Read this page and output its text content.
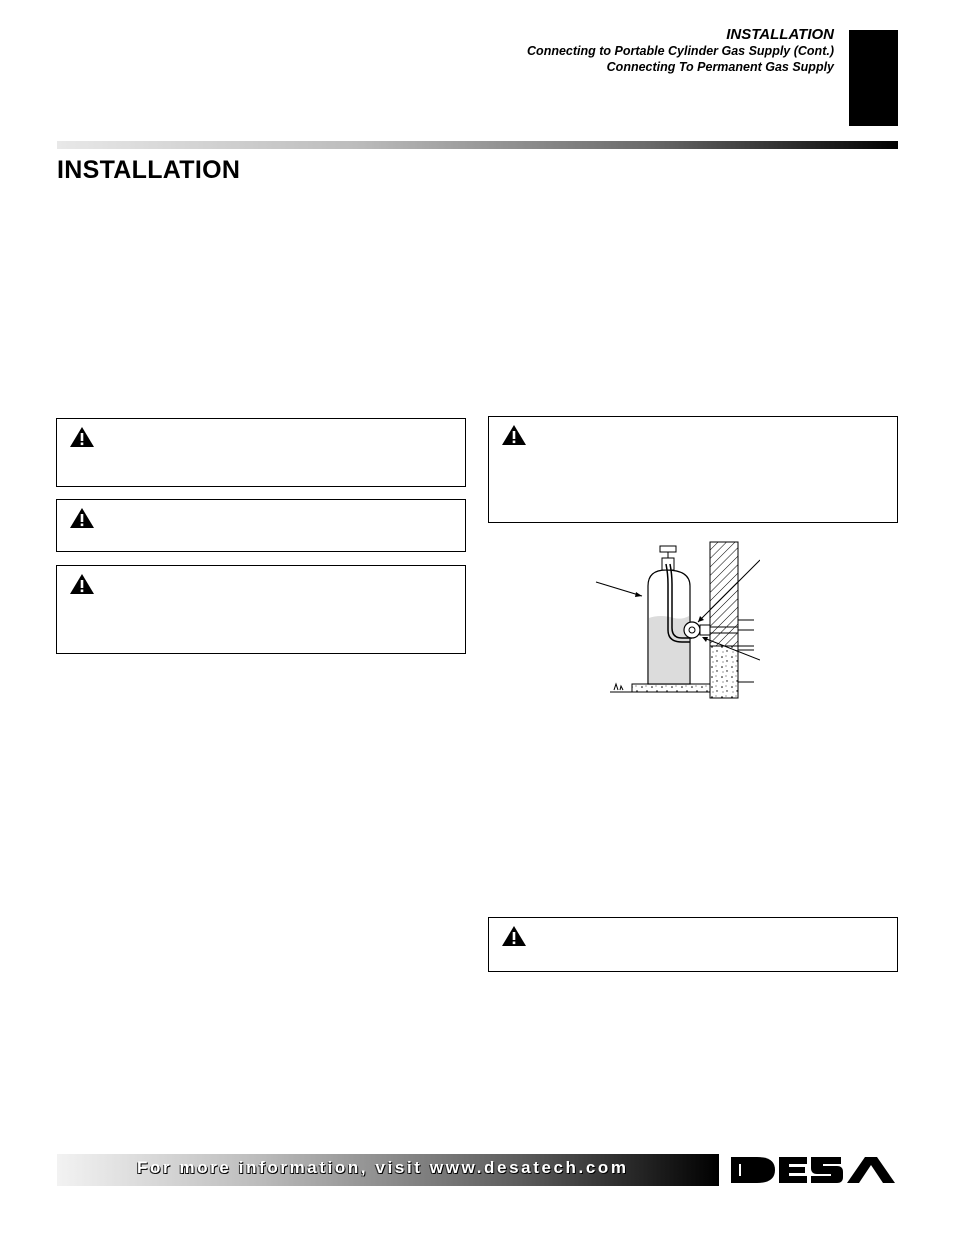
INSTALLATION
Connecting to Portable Cylinder Gas Supply (Cont.)
Connecting To Permanent Gas Supply
INSTALLATION
For more information, visit www.desatech.com
